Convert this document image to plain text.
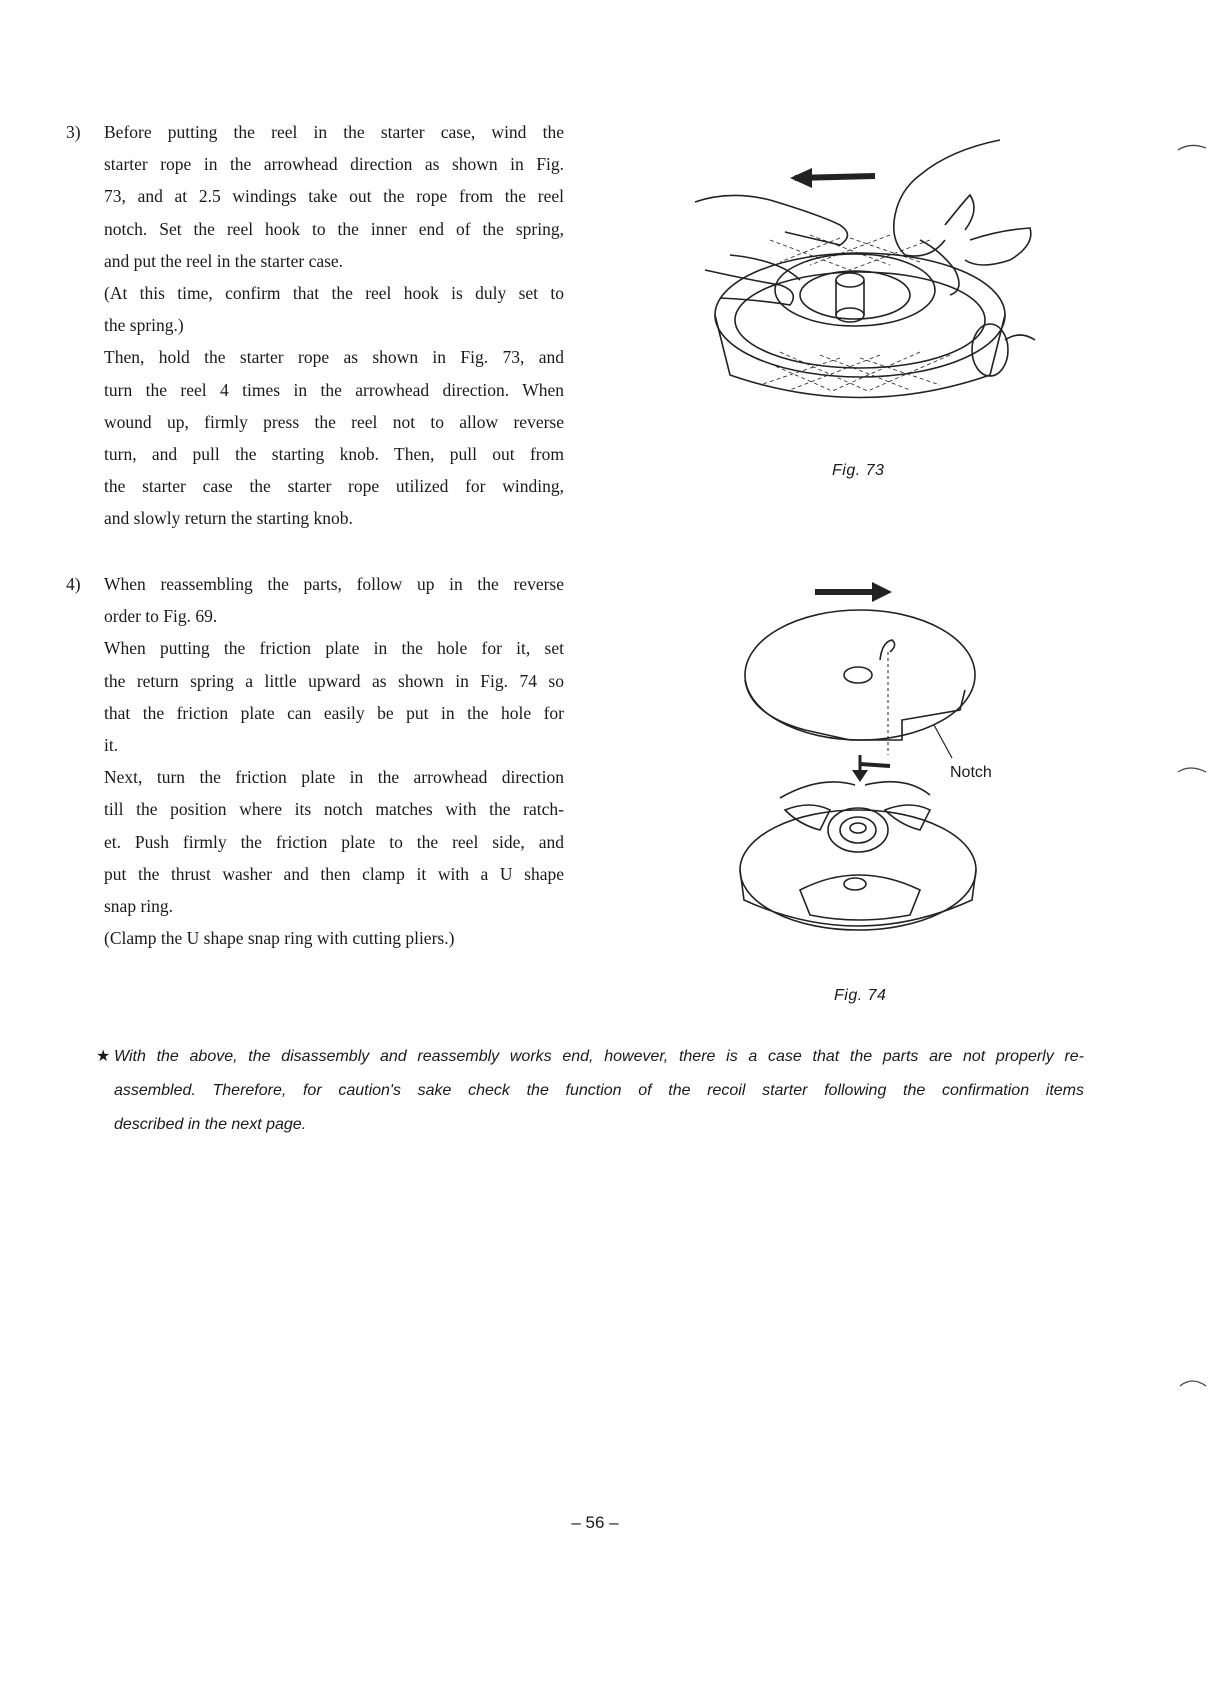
3) Before putting the reel in the starter case, wind the
starter rope in the arrowhead direction as shown in Fig.
73, and at 2.5 windings take out the rope from the reel
notch. Set the reel hook to the inner end of the spring,
and put the reel in the starter case.
(At this time, confirm that the reel hook is duly set to
the spring.)
Then, hold the starter rope as shown in Fig. 73, and
turn the reel 4 times in the arrowhead direction. When
wound up, firmly press the reel not to allow reverse
turn, and pull the starting knob. Then, pull out from
the starter case the starter rope utilized for winding,
and slowly return the starting knob.
4) When reassembling the parts, follow up in the reverse
order to Fig. 69.
When putting the friction plate in the hole for it, set
the return spring a little upward as shown in Fig. 74 so
that the friction plate can easily be put in the hole for
it.
Next, turn the friction plate in the arrowhead direction
till the position where its notch matches with the ratch-
et. Push firmly the friction plate to the reel side, and
put the thrust washer and then clamp it with a U shape
snap ring.
(Clamp the U shape snap ring with cutting pliers.)
Fig. 73
Notch
Fig. 74
★ With the above, the disassembly and reassembly works end, however, there is a case that the parts are not properly re-
assembled. Therefore, for caution's sake check the function of the recoil starter following the confirmation items
described in the next page.
– 56 –
